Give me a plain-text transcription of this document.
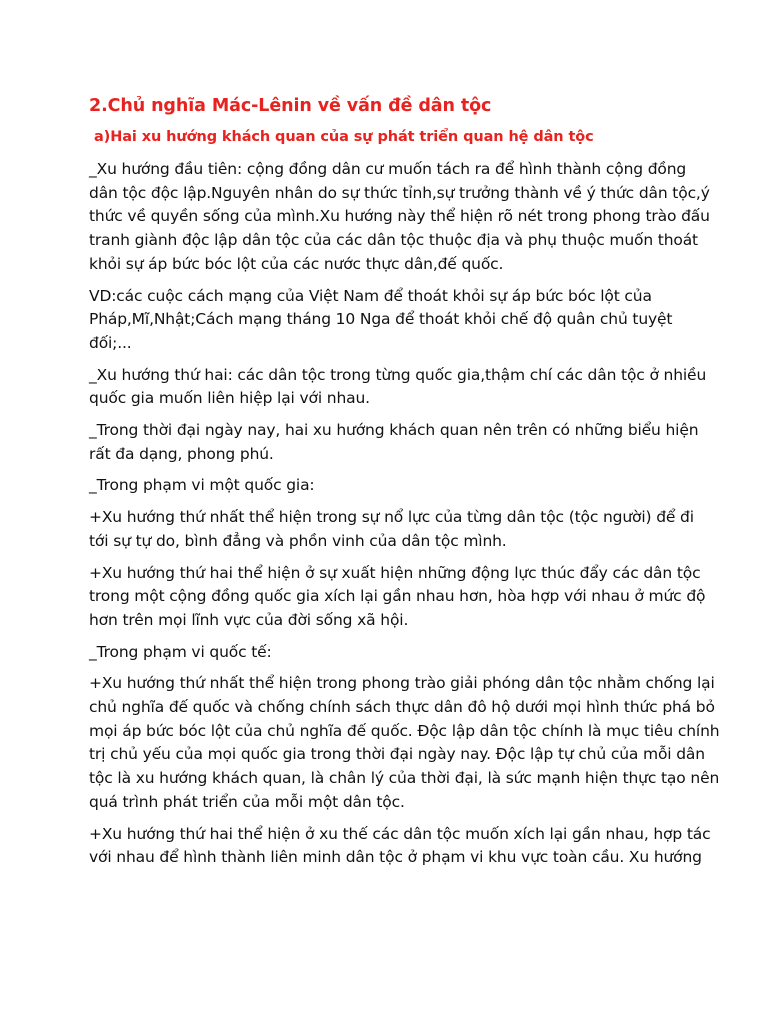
2.Chủ nghĩa Mác-Lênin về vấn đề dân tộc
a)Hai xu hướng khách quan của sự phát triển quan hệ dân tộc
_Xu hướng đầu tiên: cộng đồng dân cư muốn tách ra để hình thành cộng đồng
dân tộc độc lập.Nguyên nhân do sự thức tỉnh,sự trưởng thành về ý thức dân tộc,ý
thức về quyền sống của mình.Xu hướng này thể hiện rõ nét trong phong trào đấu
tranh giành độc lập dân tộc của các dân tộc thuộc địa và phụ thuộc muốn thoát
khỏi sự áp bức bóc lột của các nước thực dân,đế quốc.
VD:các cuộc cách mạng của Việt Nam để thoát khỏi sự áp bức bóc lột của
Pháp,Mĩ,Nhật;Cách mạng tháng 10 Nga để thoát khỏi chế độ quân chủ tuyệt
đối;...
_Xu hướng thứ hai: các dân tộc trong từng quốc gia,thậm chí các dân tộc ở nhiều
quốc gia muốn liên hiệp lại với nhau.
_Trong thời đại ngày nay, hai xu hướng khách quan nên trên có những biểu hiện
rất đa dạng, phong phú.
_Trong phạm vi một quốc gia:
+Xu hướng thứ nhất thể hiện trong sự nổ lực của từng dân tộc (tộc người) để đi
tới sự tự do, bình đẳng và phồn vinh của dân tộc mình.
+Xu hướng thứ hai thể hiện ở sự xuất hiện những động lực thúc đẩy các dân tộc
trong một cộng đồng quốc gia xích lại gần nhau hơn, hòa hợp với nhau ở mức độ
hơn trên mọi lĩnh vực của đời sống xã hội.
_Trong phạm vi quốc tế:
+Xu hướng thứ nhất thể hiện trong phong trào giải phóng dân tộc nhằm chống lại
chủ nghĩa đế quốc và chống chính sách thực dân đô hộ dưới mọi hình thức phá bỏ
mọi áp bức bóc lột của chủ nghĩa đế quốc. Độc lập dân tộc chính là mục tiêu chính
trị chủ yếu của mọi quốc gia trong thời đại ngày nay. Độc lập tự chủ của mỗi dân
tộc là xu hướng khách quan, là chân lý của thời đại, là sức mạnh hiện thực tạo nên
quá trình phát triển của mỗi một dân tộc.
+Xu hướng thứ hai thể hiện ở xu thế các dân tộc muốn xích lại gần nhau, hợp tác
với nhau để hình thành liên minh dân tộc ở phạm vi khu vực toàn cầu. Xu hướng
